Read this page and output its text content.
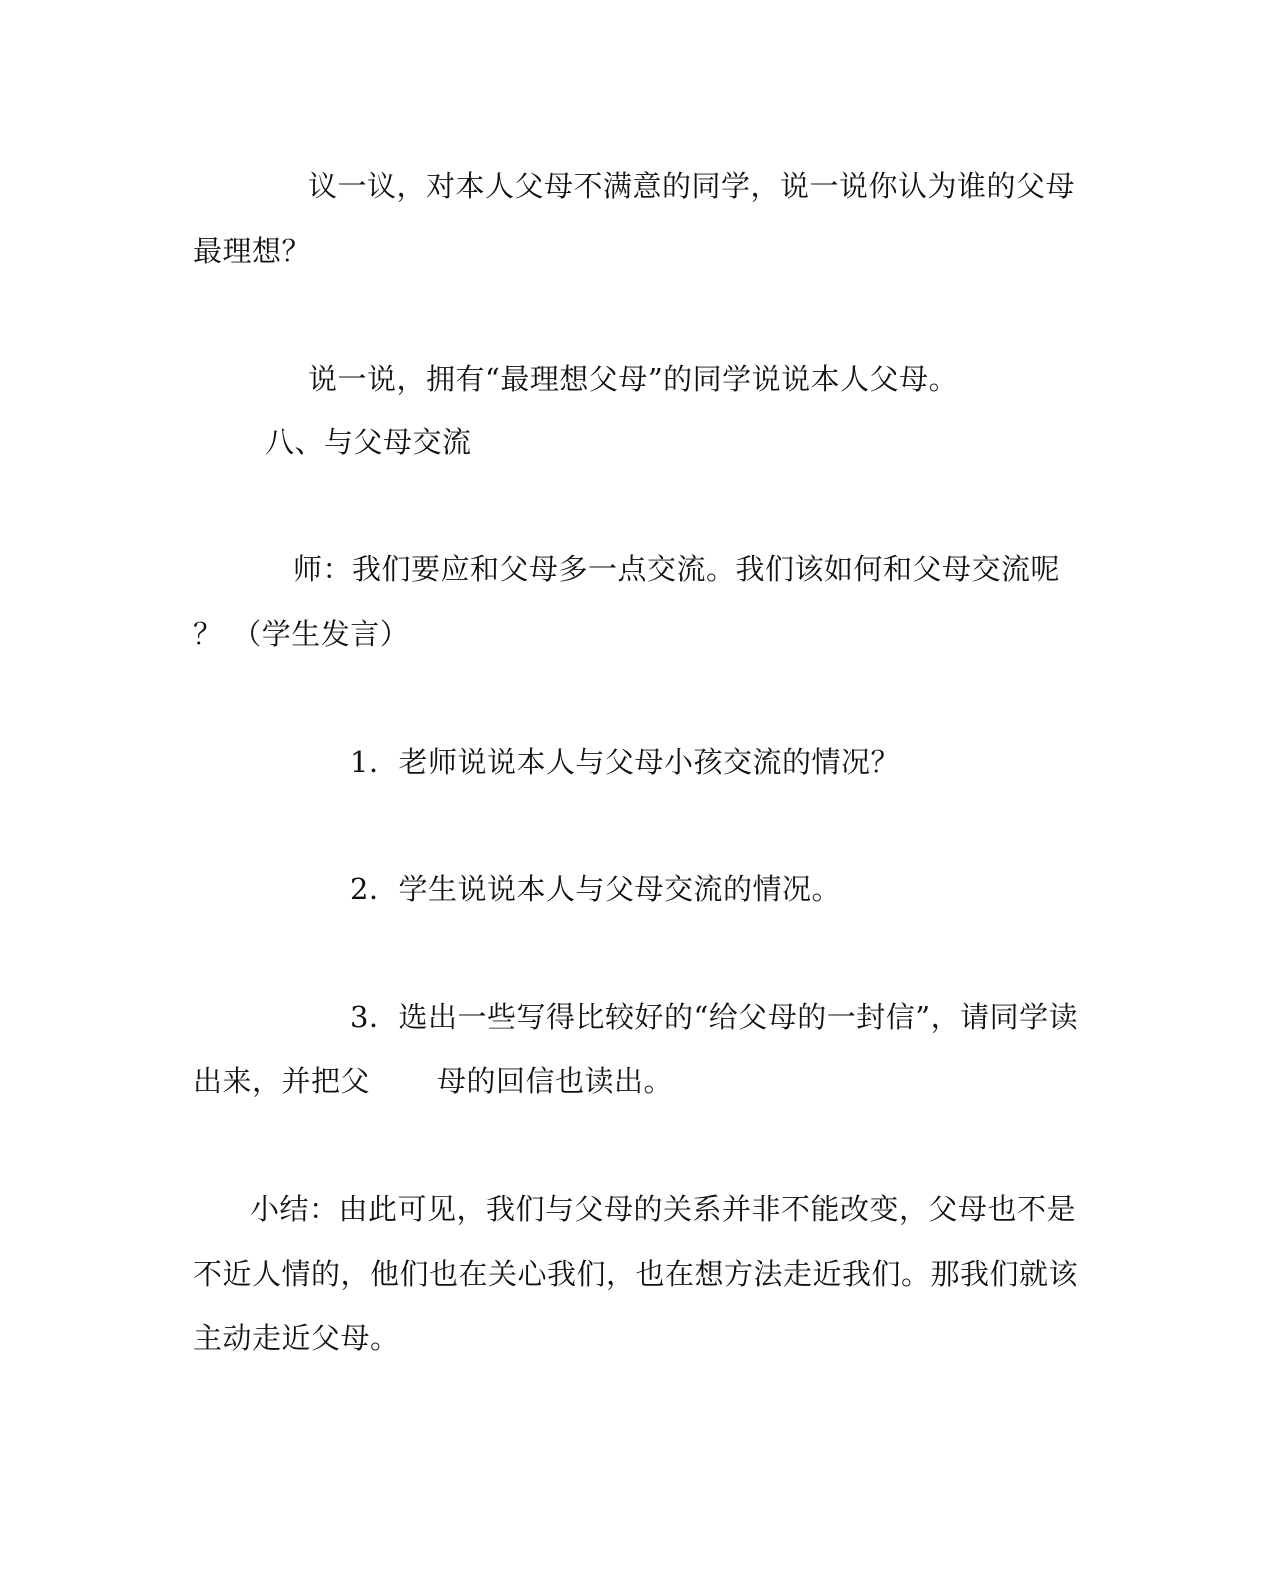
议一议，对本人父母不满意的同学，说一说你认为谁的父母
最理想？
说一说，拥有“最理想父母”的同学说说本人父母。
八、与父母交流
师：我们要应和父母多一点交流。我们该如何和父母交流呢
？ （学生发言）
1．老师说说本人与父母小孩交流的情况？
2．学生说说本人与父母交流的情况。
3．选出一些写得比较好的“给父母的一封信”，请同学读
出来，并把父 母的回信也读出。
小结：由此可见，我们与父母的关系并非不能改变，父母也不是
不近人情的，他们也在关心我们，也在想方法走近我们。那我们就该
主动走近父母。
